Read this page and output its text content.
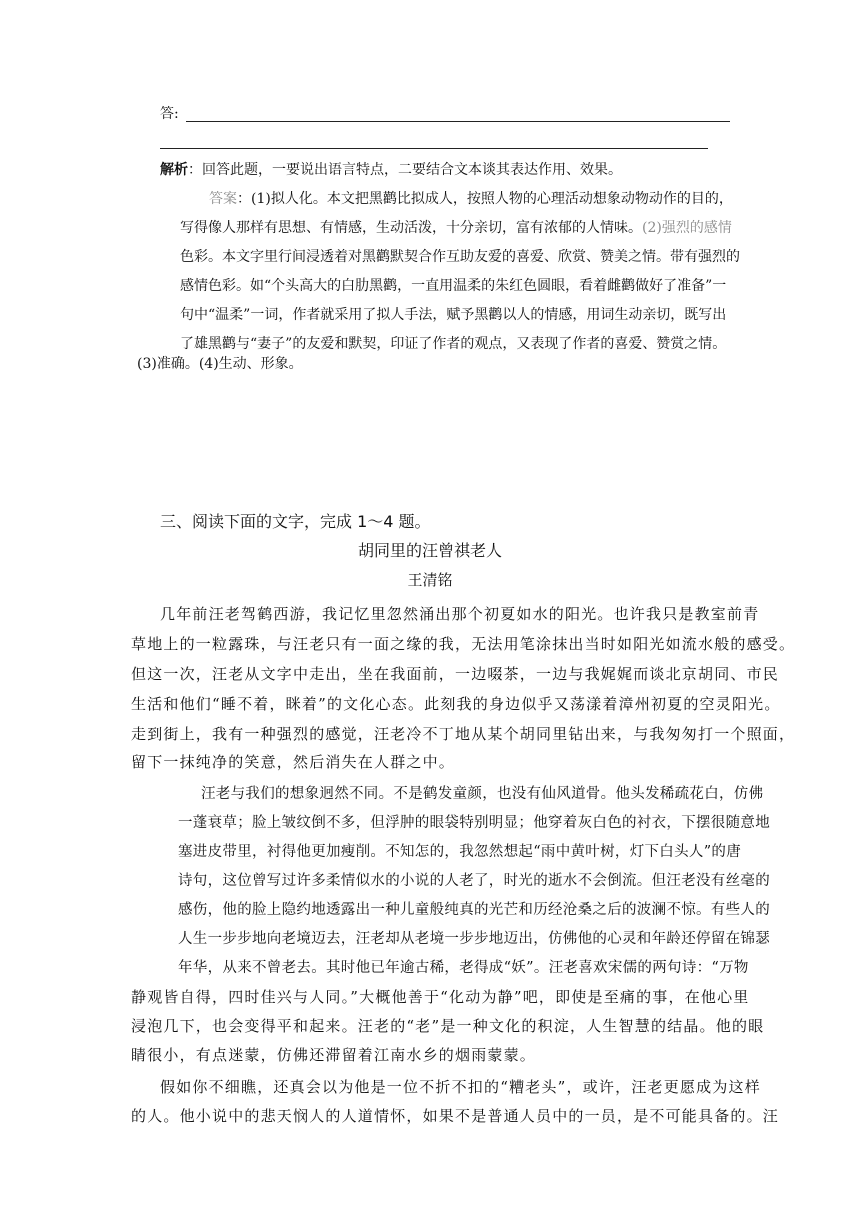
答:
解析：回答此题，一要说出语言特点，二要结合文本谈其表达作用、效果。
答案：(1)拟人化。本文把黑鹳比拟成人，按照人物的心理活动想象动物动作的目的，
写得像人那样有思想、有情感，生动活泼，十分亲切，富有浓郁的人情味。(2)强烈的感情
色彩。本文字里行间浸透着对黑鹳默契合作互助友爱的喜爱、欣赏、赞美之情。带有强烈的
感情色彩。如“个头高大的白肋黑鹳，一直用温柔的朱红色圆眼，看着雌鹳做好了准备”一
句中“温柔”一词，作者就采用了拟人手法，赋予黑鹳以人的情感，用词生动亲切，既写出
了雄黑鹳与“妻子”的友爱和默契，印证了作者的观点，又表现了作者的喜爱、赞赏之情。
(3)准确。(4)生动、形象。
三、阅读下面的文字，完成 1～4 题。
胡同里的汪曾祺老人
王清铭
几年前汪老驾鹤西游，我记忆里忽然涌出那个初夏如水的阳光。也许我只是教室前青
草地上的一粒露珠，与汪老只有一面之缘的我，无法用笔涂抹出当时如阳光如流水般的感受。
但这一次，汪老从文字中走出，坐在我面前，一边啜茶，一边与我娓娓而谈北京胡同、市民
生活和他们“睡不着，眯着”的文化心态。此刻我的身边似乎又荡漾着漳州初夏的空灵阳光。
走到街上，我有一种强烈的感觉，汪老冷不丁地从某个胡同里钻出来，与我匆匆打一个照面，
留下一抹纯净的笑意，然后消失在人群之中。
汪老与我们的想象迥然不同。不是鹤发童颜，也没有仙风道骨。他头发稀疏花白，仿佛
一蓬衰草；脸上皱纹倒不多，但浮肿的眼袋特别明显；他穿着灰白色的衬衣，下摆很随意地
塞进皮带里，衬得他更加瘦削。不知怎的，我忽然想起“雨中黄叶树，灯下白头人”的唐
诗句，这位曾写过许多柔情似水的小说的人老了，时光的逝水不会倒流。但汪老没有丝毫的
感伤，他的脸上隐约地透露出一种儿童般纯真的光芒和历经沧桑之后的波澜不惊。有些人的
人生一步步地向老境迈去，汪老却从老境一步步地迈出，仿佛他的心灵和年龄还停留在锦瑟
年华，从来不曾老去。其时他已年逾古稀，老得成“妖”。汪老喜欢宋儒的两句诗：“万物
静观皆自得，四时佳兴与人同。”大概他善于“化动为静”吧，即使是至痛的事，在他心里
浸泡几下，也会变得平和起来。汪老的“老”是一种文化的积淀，人生智慧的结晶。他的眼
睛很小，有点迷蒙，仿佛还滞留着江南水乡的烟雨蒙蒙。
假如你不细瞧，还真会以为他是一位不折不扣的“糟老头”，或许，汪老更愿成为这样
的人。他小说中的悲天悯人的人道情怀，如果不是普通人员中的一员，是不可能具备的。汪
